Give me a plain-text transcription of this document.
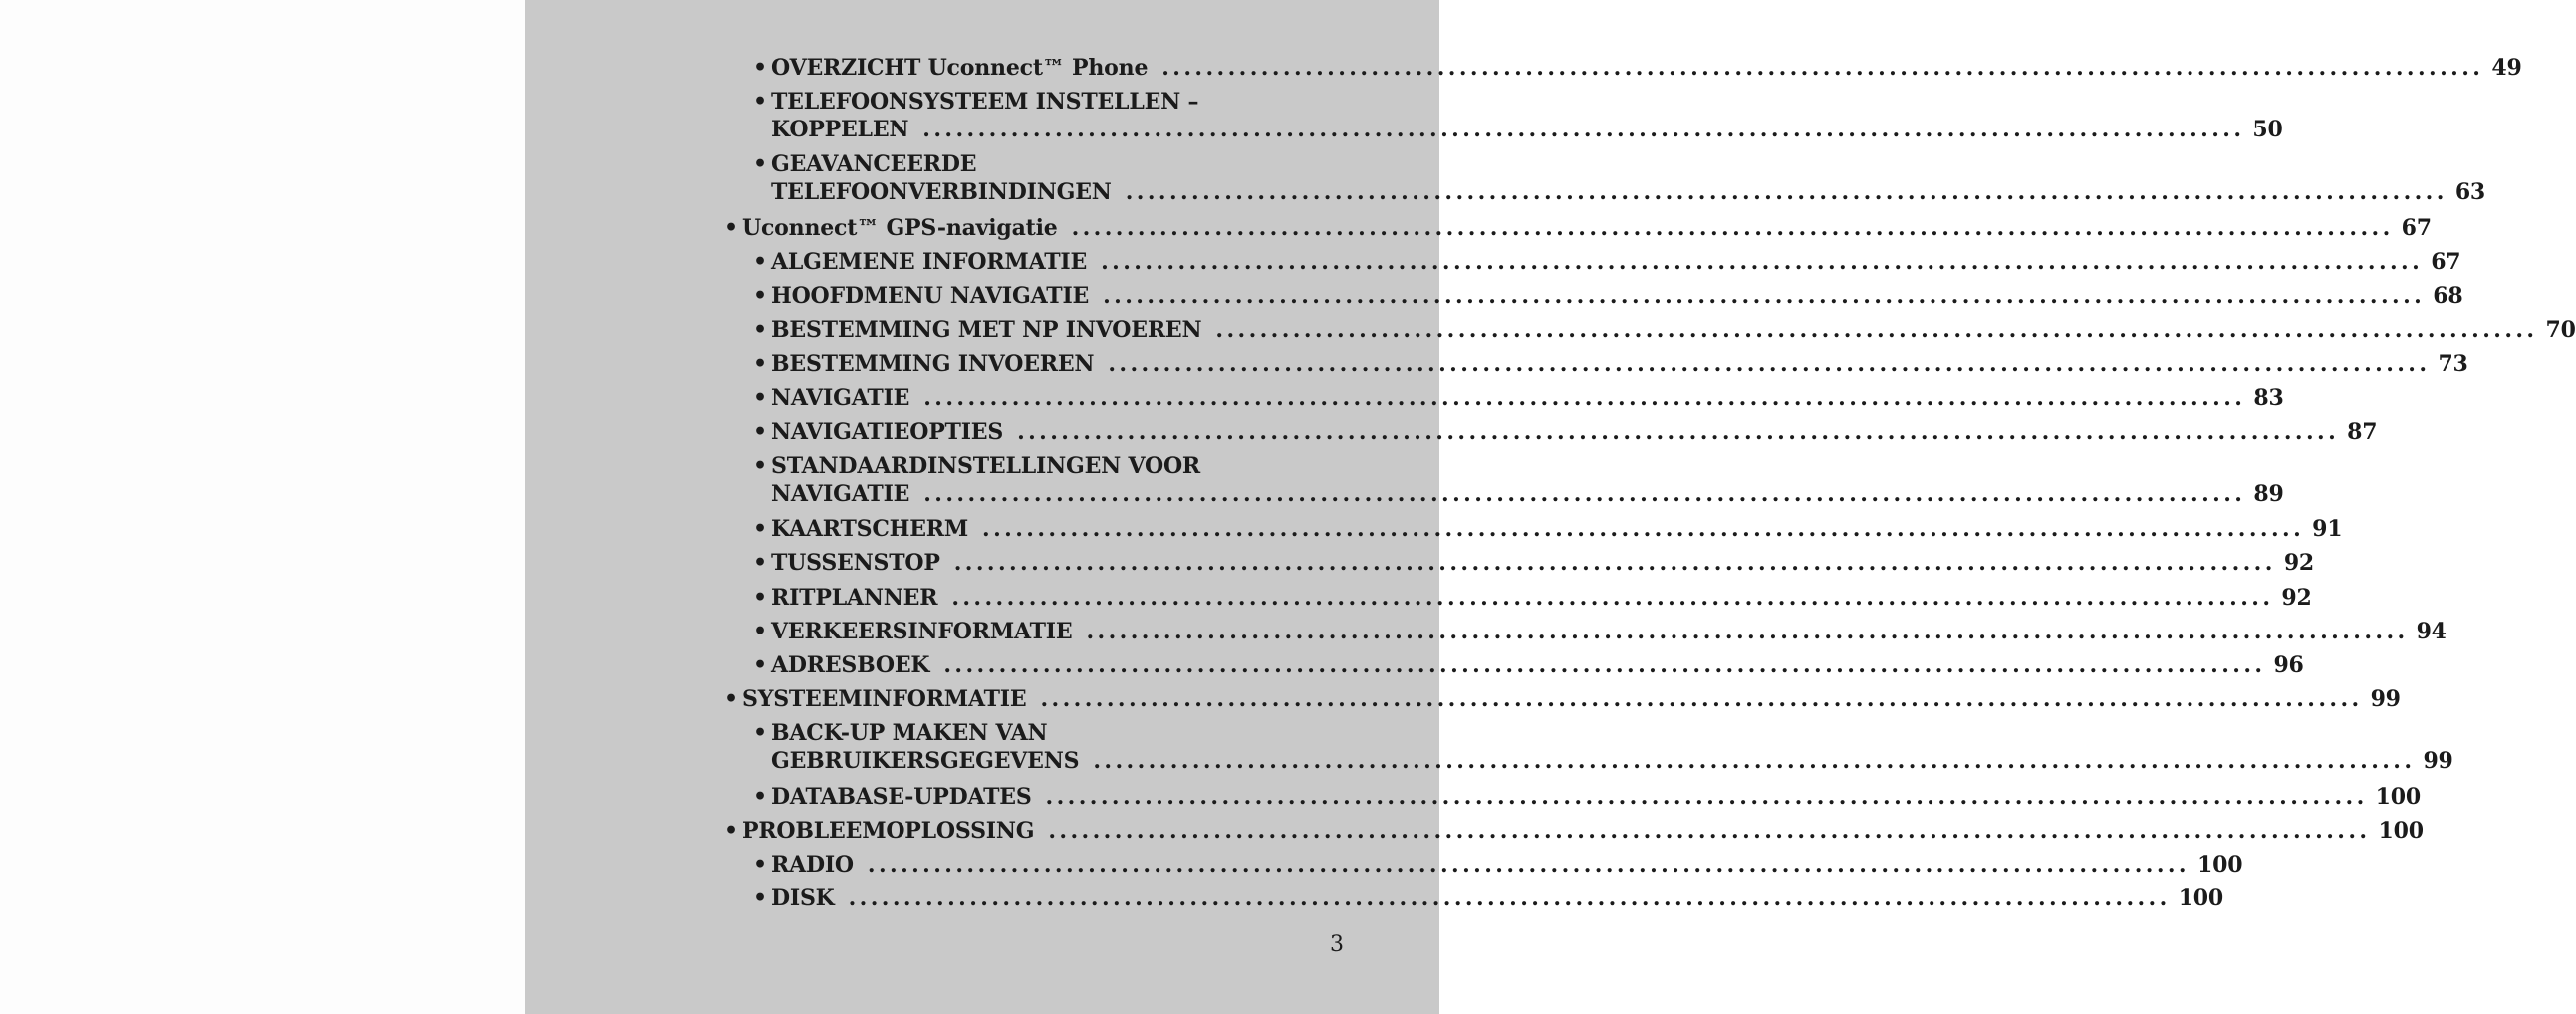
• OVERZICHT Uconnect™ Phone ........................................................................................................................ 49
• TELEFOONSYSTEEM INSTELLEN –
KOPPELEN ........................................................................................................................ 50
• GEAVANCEERDE
TELEFOONVERBINDINGEN ........................................................................................................................ 63
• Uconnect™ GPS-navigatie ........................................................................................................................ 67
• ALGEMENE INFORMATIE ........................................................................................................................ 67
• HOOFDMENU NAVIGATIE ........................................................................................................................ 68
• BESTEMMING MET NP INVOEREN ........................................................................................................................ 70
• BESTEMMING INVOEREN ........................................................................................................................ 73
• NAVIGATIE ........................................................................................................................ 83
• NAVIGATIEOPTIES ........................................................................................................................ 87
• STANDAARDINSTELLINGEN VOOR
NAVIGATIE ........................................................................................................................ 89
• KAARTSCHERM ........................................................................................................................ 91
• TUSSENSTOP ........................................................................................................................ 92
• RITPLANNER ........................................................................................................................ 92
• VERKEERSINFORMATIE ........................................................................................................................ 94
• ADRESBOEK ........................................................................................................................ 96
• SYSTEEMINFORMATIE ........................................................................................................................ 99
• BACK-UP MAKEN VAN
GEBRUIKERSGEGEVENS ........................................................................................................................ 99
• DATABASE-UPDATES ........................................................................................................................ 100
• PROBLEEMOPLOSSING ........................................................................................................................ 100
• RADIO ........................................................................................................................ 100
• DISK ........................................................................................................................ 100
3
